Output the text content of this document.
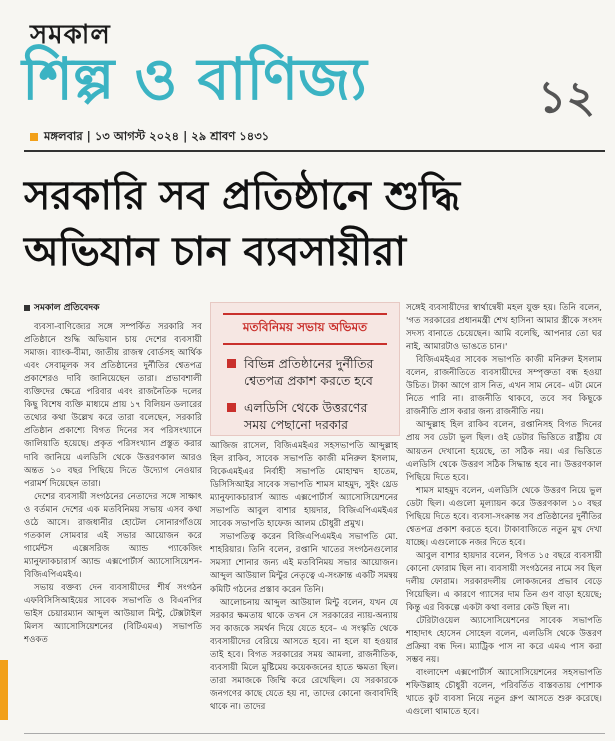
সমকাল
শিল্প ও বাণিজ্য	১২
মঙ্গলবার | ১৩ আগস্ট ২০২৪ | ২৯ শ্রাবণ ১৪৩১
সরকারি সব প্রতিষ্ঠানে শুদ্ধি অভিযান চান ব্যবসায়ীরা
সমকাল প্রতিবেদক

ব্যবসা-বাণিজ্যের সঙ্গে সম্পর্কিত সরকারি সব প্রতিষ্ঠানে শুদ্ধি অভিযান চায় দেশের ব্যবসায়ী সমাজ। ব্যাংক-বীমা, জাতীয় রাজস্ব বোর্ডসহ আর্থিক এবং সেবামূলক সব প্রতিষ্ঠানের দুর্নীতির শ্বেতপত্র প্রকাশেরও দাবি জানিয়েছেন তারা। প্রভাবশালী ব্যক্তিদের ক্ষেত্রে পরিবার এবং রাজনৈতিক দলের কিছু বিশেষ ব্যক্তি মাধ্যমে প্রায় ১৭ বিলিয়ন ডলারের তথ্যের কথা উল্লেখ করে তারা বলেছেন, সরকারি প্রতিষ্ঠান প্রকাশ্যে বিগত দিনের সব পরিসংখ্যানে জালিয়াতি হয়েছে। প্রকৃত পরিসংখ্যান প্রস্তুত করার দাবি জানিয়ে এলডিসি থেকে উত্তরণকাল আরও অন্তত ১০ বছর পিছিয়ে দিতে উদ্যোগ নেওয়ার পরামর্শ দিয়েছেন তারা।

দেশের ব্যবসায়ী সংগঠনের নেতাদের সঙ্গে সাক্ষাৎ ও বর্তমান দেশের এক মতবিনিময় সভায় এসব কথা ওঠে আসে। রাজধানীর হোটেল সোনারগাঁওয়ে গতকাল সোমবার এই সভার আয়োজন করে গার্মেন্টস এক্সেসরিজ অ্যান্ড প্যাকেজিং ম্যানুফ্যাকচারার্স অ্যান্ড এক্সপোর্টার্স অ্যাসোসিয়েশন-বিজিএপিএমইএ।

সভায় বক্তব্য দেন ব্যবসায়ীদের শীর্ষ সংগঠন এফবিসিসিআইয়ের সাবেক সভাপতি ও বিএনপির ভাইস চেয়ারম্যান আব্দুল আউয়াল মিন্টু, টেক্সটাইল মিলস অ্যাসোসিয়েশনের (বিটিএমএ) সভাপতি শওকত

মতবিনিময় সভায় অভিমত
বিভিন্ন প্রতিষ্ঠানের দুর্নীতির শ্বেতপত্র প্রকাশ করতে হবে
এলডিসি থেকে উত্তরণের সময় পেছানো দরকার

আজিজ রাসেল, বিজিএমইএর সহসভাপতি আব্দুল্লাহ হিল রাকিব, সাবেক সভাপতি কাজী মনিরুল ইসলাম, বিকেএমইএর নির্বাহী সভাপতি মোহাম্মদ হাতেম, ডিসিসিআইর সাবেক সভাপতি শামস মাহমুদ, সুইং থ্রেড ম্যানুফ্যাকচারার্স অ্যান্ড এক্সপোর্টার্স অ্যাসোসিয়েশনের সভাপতি আবুল বাশার হায়দার, বিজিএপিএমইএর সাবেক সভাপতি হাফেজ আলম চৌধুরী প্রমুখ।

সভাপতিত্ব করেন বিজিএপিএমইএ সভাপতি মো. শাহরিয়ার। তিনি বলেন, রপ্তানি খাতের সংগঠনগুলোর সমস্যা শোনার জন্য এই মতবিনিময় সভার আয়োজন। আব্দুল আউয়াল মিন্টুর নেতৃত্বে এ-সংক্রান্ত একটি সমন্বয় কমিটি গঠনের প্রস্তাব করেন তিনি।

আলোচনায় আব্দুল আউয়াল মিন্টু বলেন, যখন যে সরকার ক্ষমতায় থাকে তখন সে সরকারের ন্যায়-অন্যায় সব কাজকে সমর্থন দিয়ে যেতে হবে– এ সংস্কৃতি থেকে ব্যবসায়ীদের বেরিয়ে আসতে হবে। না হলে যা হওয়ার তাই হবে। বিগত সরকারের সময় আমলা, রাজনীতিক, ব্যবসায়ী মিলে মুষ্টিমেয় কয়েকজনের হাতে ক্ষমতা ছিল। তারা সমাজকে জিম্মি করে রেখেছিল। যে সরকারকে জনগণের কাছে যেতে হয় না, তাদের কোনো জবাবদিহি থাকে না। তাদের

সঙ্গেই ব্যবসায়ীদের স্বার্থান্বেষী মহল যুক্ত হয়। তিনি বলেন, 'গত সরকারের প্রধানমন্ত্রী শেখ হাসিনা আমার স্ত্রীকে সংসদ সদস্য বানাতে চেয়েছেন। আমি বলেছি, আপনার তো ঘর নাই, আমারটাও ভাঙতে চান।'

বিজিএমইএর সাবেক সভাপতি কাজী মনিরুল ইসলাম বলেন, রাজনীতিতে ব্যবসায়ীদের সম্পৃক্ততা বন্ধ হওয়া উচিত। টাকা আগে রাস নিত, এখন সাম নেবে– এটা মেনে নিতে পারি না। রাজনীতি থাকবে, তবে সব কিছুকে রাজনীতি প্রাস করার জন্য রাজনীতি নয়।

আব্দুল্লাহ হিল রাকিব বলেন, রপ্তানিসহ বিগত দিনের প্রায় সব ডেটা ভুল ছিল। ওই ডেটার ভিত্তিতে রাষ্ট্রীয় যে আয়তন দেখানো হয়েছে, তা সঠিক নয়। এর ভিত্তিতে এলডিসি থেকে উত্তরণ সঠিক সিদ্ধান্ত হবে না। উত্তরণকাল পিছিয়ে দিতে হবে।

শামস মাহমুদ বলেন, এলডিসি থেকে উত্তরণ নিয়ে ভুল ডেটা ছিল। এগুলো মূল্যায়ন করে উত্তরণকাল ১০ বছর পিছিয়ে দিতে হবে। ব্যবসা-সংক্রান্ত সব প্রতিষ্ঠানের দুর্নীতির শ্বেতপত্র প্রকাশ করতে হবে। টাকাবাজিতে নতুন মুখ দেখা যাচ্ছে। এগুলোকে নজর দিতে হবে।

আবুল বাশার হায়দার বলেন, বিগত ১৫ বছরে ব্যবসায়ী কোনো ফোরাম ছিল না। ব্যবসায়ী সংগঠনের নামে সব ছিল দলীয় ফোরাম। সরকারদলীয় লোকজনের প্রভাব বেড়ে গিয়েছিল। এ কারণে গ্যাসের দাম তিন গুণ বাড়া হয়েছে; কিন্তু এর বিকল্পে একটা কথা বলার কেউ ছিল না।

টেরিটাওয়েল অ্যাসোসিয়েশনের সাবেক সভাপতি শাহাদাৎ হোসেন সোহেল বলেন, এলডিসি থেকে উত্তরণ প্রক্রিয়া বন্ধ দিন। ম্যাট্রিক পাস না করে এমএ পাস করা সম্ভব নয়।

বাংলাদেশ এক্সপোর্টার্স অ্যাসোসিয়েশনের সহসভাপতি শফিউল্লাহ চৌধুরী বলেন, পরিবর্তিত বাস্তবতায় পোশাক খাতে কুট ব্যবসা নিয়ে নতুন গ্রুপ আসতে শুরু করেছে। এগুলো থামাতে হবে।
